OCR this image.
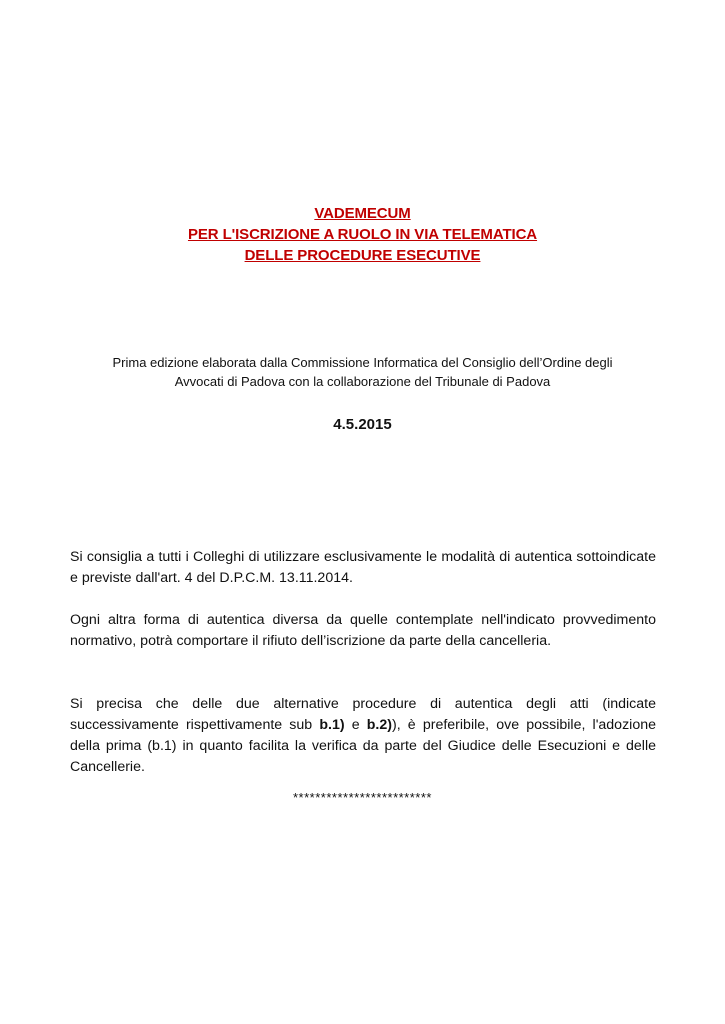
VADEMECUM
PER L'ISCRIZIONE A RUOLO IN VIA TELEMATICA
DELLE PROCEDURE ESECUTIVE
Prima edizione elaborata dalla Commissione Informatica del Consiglio dell’Ordine degli
Avvocati di Padova con la collaborazione del Tribunale di Padova
4.5.2015
Si consiglia a tutti i Colleghi di utilizzare esclusivamente le modalità di autentica sottoindicate e previste dall'art. 4 del D.P.C.M. 13.11.2014.
Ogni altra forma di autentica diversa da quelle contemplate nell'indicato provvedimento normativo, potrà comportare il rifiuto dell’iscrizione da parte della cancelleria.
Si precisa che delle due alternative procedure di autentica degli atti (indicate successivamente rispettivamente sub b.1) e b.2)), è preferibile, ove possibile, l'adozione della prima (b.1) in quanto facilita la verifica da parte del Giudice delle Esecuzioni e delle Cancellerie.
*************************
